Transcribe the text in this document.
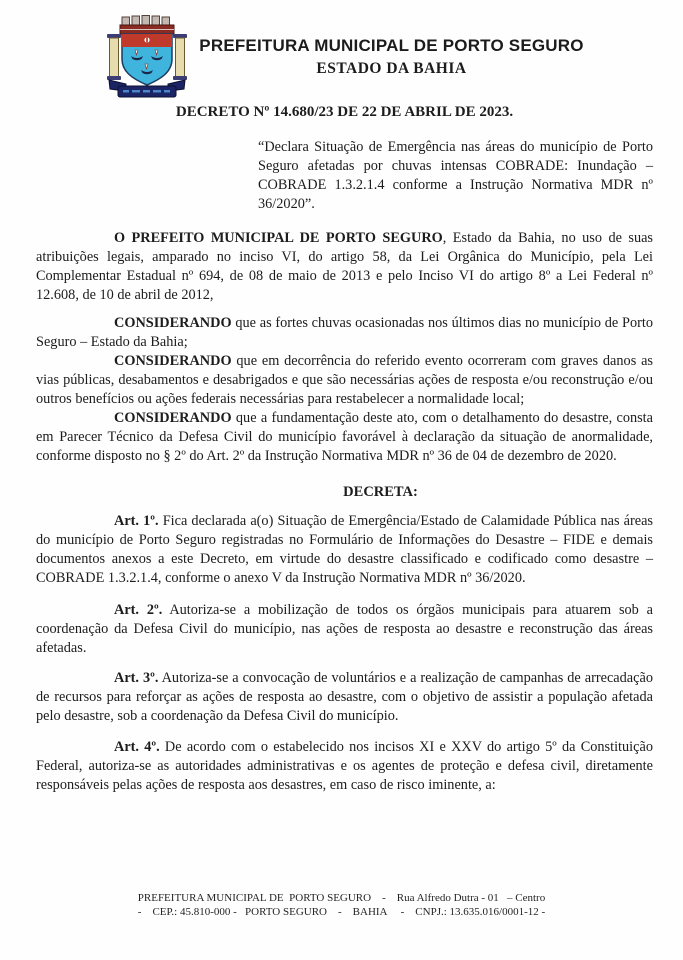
PREFEITURA MUNICIPAL DE PORTO SEGURO
ESTADO DA BAHIA
DECRETO Nº 14.680/23 DE 22 DE ABRIL DE 2023.
“Declara Situação de Emergência nas áreas do município de Porto Seguro afetadas por chuvas intensas COBRADE: Inundação – COBRADE 1.3.2.1.4 conforme a Instrução Normativa MDR nº 36/2020”.

O PREFEITO MUNICIPAL DE PORTO SEGURO, Estado da Bahia, no uso de suas atribuições legais, amparado no inciso VI, do artigo 58, da Lei Orgânica do Município, pela Lei Complementar Estadual nº 694, de 08 de maio de 2013 e pelo Inciso VI do artigo 8º a Lei Federal nº 12.608, de 10 de abril de 2012,

CONSIDERANDO que as fortes chuvas ocasionadas nos últimos dias no município de Porto Seguro – Estado da Bahia;

CONSIDERANDO que em decorrência do referido evento ocorreram com graves danos as vias públicas, desabamentos e desabrigados e que são necessárias ações de resposta e/ou reconstrução e/ou outros benefícios ou ações federais necessárias para restabelecer a normalidade local;

CONSIDERANDO que a fundamentação deste ato, com o detalhamento do desastre, consta em Parecer Técnico da Defesa Civil do município favorável à declaração da situação de anormalidade, conforme disposto no § 2º do Art. 2º da Instrução Normativa MDR nº 36 de 04 de dezembro de 2020.

DECRETA:

Art. 1º. Fica declarada a(o) Situação de Emergência/Estado de Calamidade Pública nas áreas do município de Porto Seguro registradas no Formulário de Informações do Desastre – FIDE e demais documentos anexos a este Decreto, em virtude do desastre classificado e codificado como desastre – COBRADE 1.3.2.1.4, conforme o anexo V da Instrução Normativa MDR nº 36/2020.

Art. 2º. Autoriza-se a mobilização de todos os órgãos municipais para atuarem sob a coordenação da Defesa Civil do município, nas ações de resposta ao desastre e reconstrução das áreas afetadas.

Art. 3º. Autoriza-se a convocação de voluntários e a realização de campanhas de arrecadação de recursos para reforçar as ações de resposta ao desastre, com o objetivo de assistir a população afetada pelo desastre, sob a coordenação da Defesa Civil do município.

Art. 4º. De acordo com o estabelecido nos incisos XI e XXV do artigo 5º da Constituição Federal, autoriza-se as autoridades administrativas e os agentes de proteção e defesa civil, diretamente responsáveis pelas ações de resposta aos desastres, em caso de risco iminente, a:

PREFEITURA MUNICIPAL DE  PORTO SEGURO    -    Rua Alfredo Dutra - 01   – Centro
-    CEP.: 45.810-000 -   PORTO SEGURO    -    BAHIA     -    CNPJ.: 13.635.016/0001-12 -
